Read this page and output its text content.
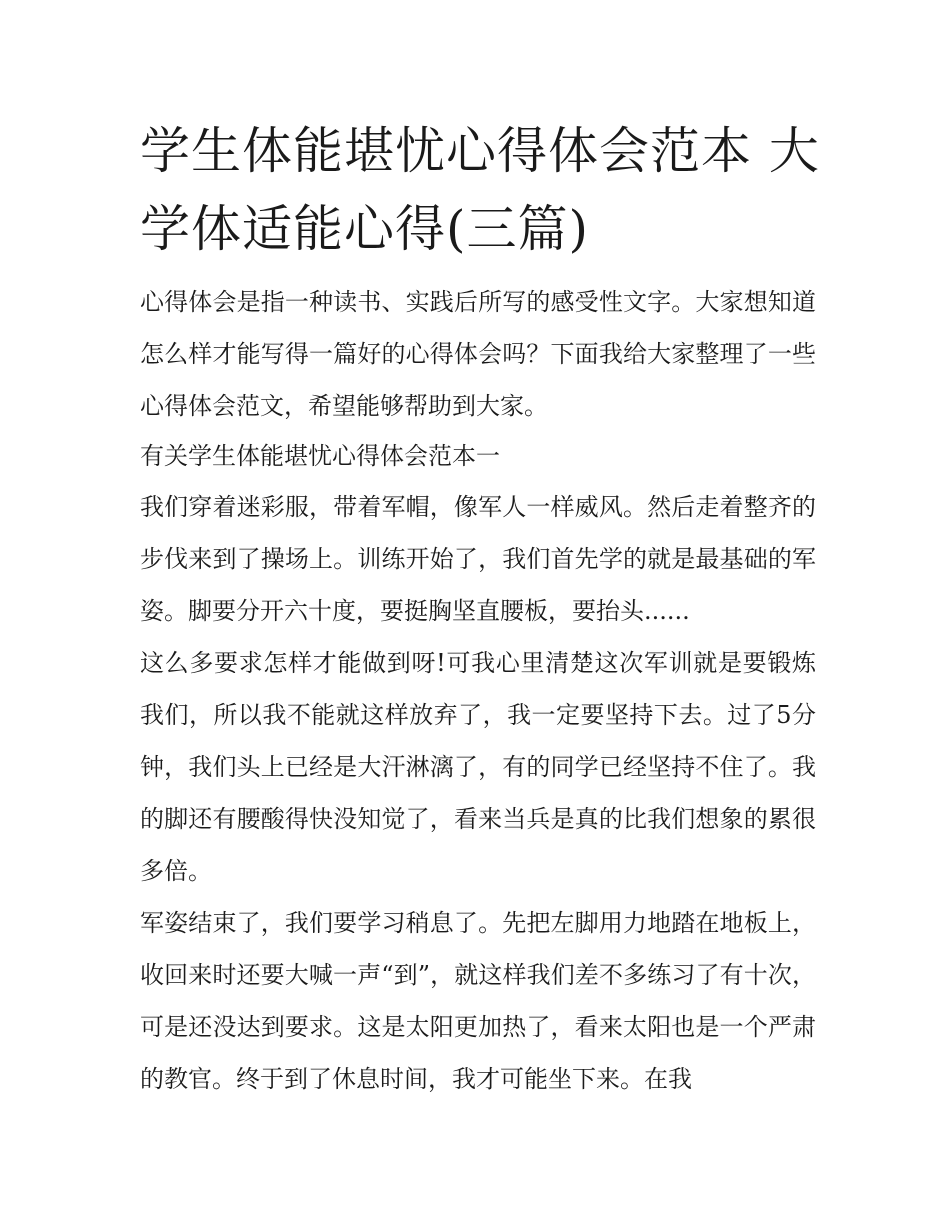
学生体能堪忧心得体会范本 大学体适能心得(三篇)

心得体会是指一种读书、实践后所写的感受性文字。大家想知道怎么样才能写得一篇好的心得体会吗？下面我给大家整理了一些心得体会范文，希望能够帮助到大家。

有关学生体能堪忧心得体会范本一

我们穿着迷彩服，带着军帽，像军人一样威风。然后走着整齐的步伐来到了操场上。训练开始了，我们首先学的就是最基础的军姿。脚要分开六十度，要挺胸坚直腰板，要抬头......

这么多要求怎样才能做到呀!可我心里清楚这次军训就是要锻炼我们，所以我不能就这样放弃了，我一定要坚持下去。过了5分钟，我们头上已经是大汗淋漓了，有的同学已经坚持不住了。我的脚还有腰酸得快没知觉了，看来当兵是真的比我们想象的累很多倍。

军姿结束了，我们要学习稍息了。先把左脚用力地踏在地板上，收回来时还要大喊一声“到”，就这样我们差不多练习了有十次，可是还没达到要求。这是太阳更加热了，看来太阳也是一个严肃的教官。终于到了休息时间，我才可能坐下来。在我
